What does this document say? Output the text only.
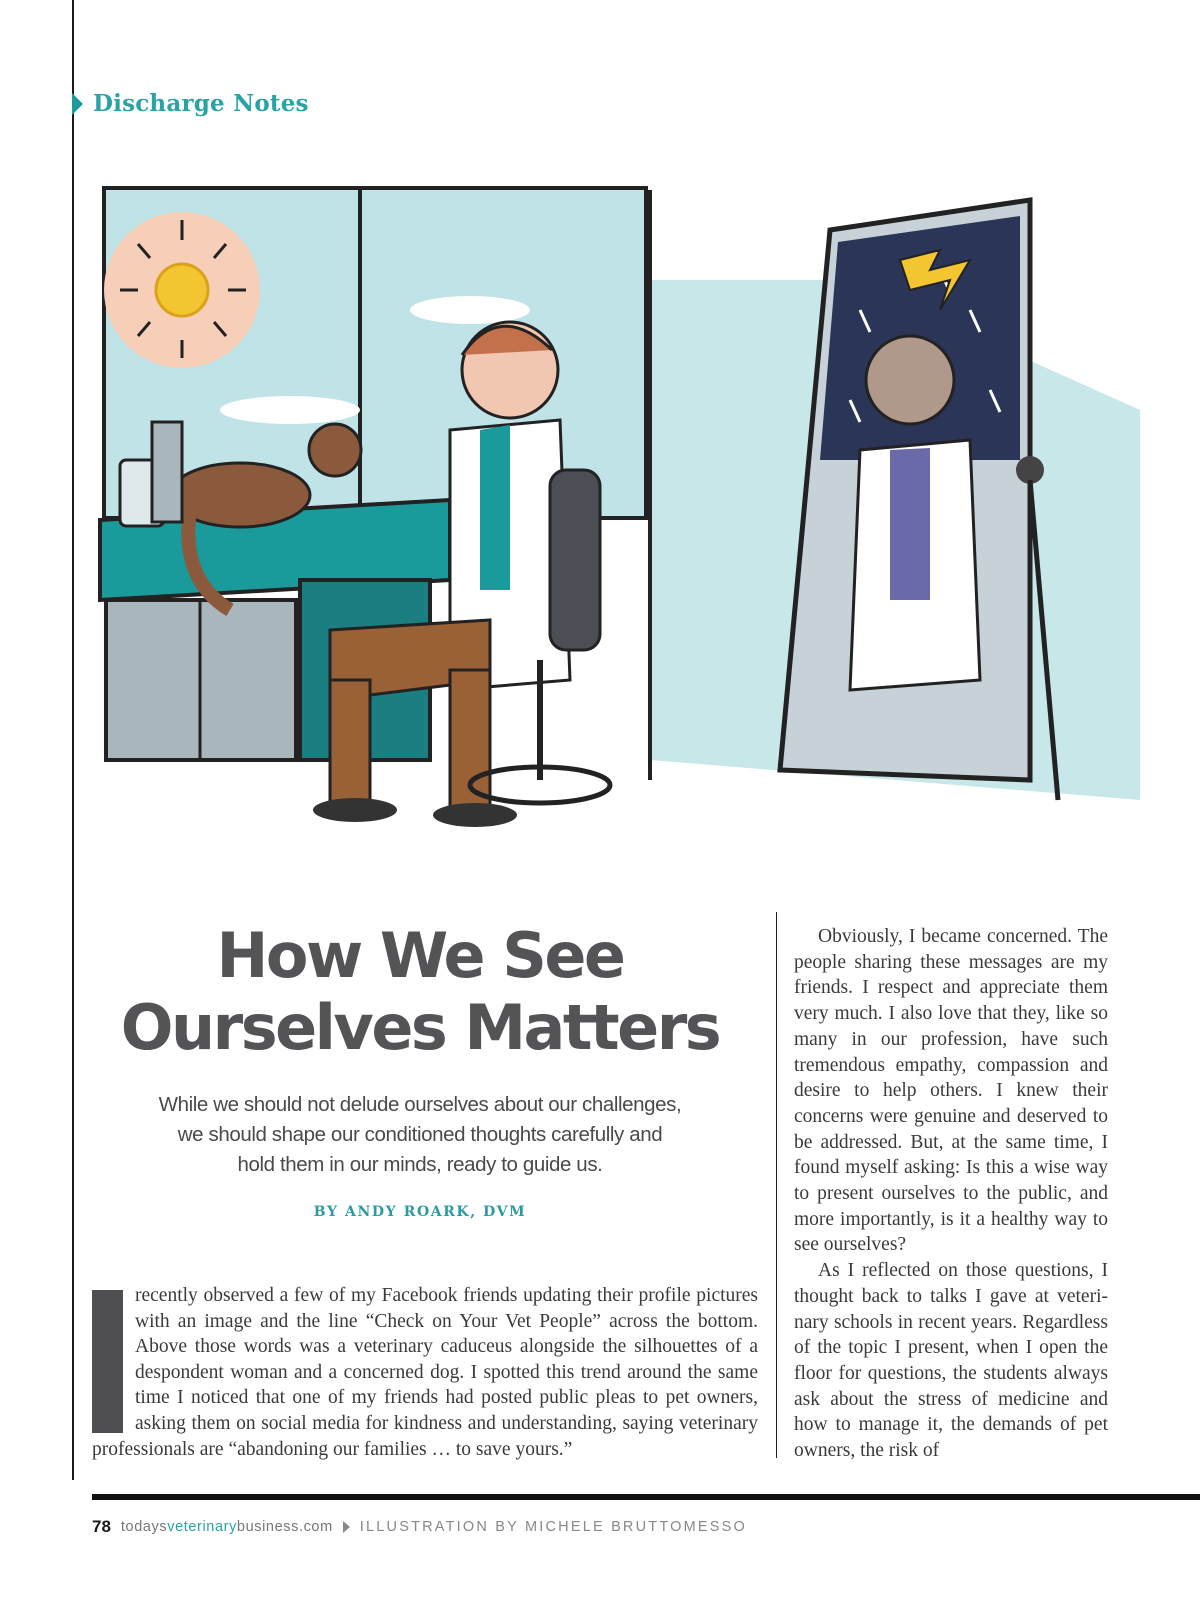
Discharge Notes
How We See
Ourselves Matters
While we should not delude ourselves about our challenges,
we should shape our conditioned thoughts carefully and
hold them in our minds, ready to guide us.
BY ANDY ROARK, DVM
recently observed a few of my Facebook friends updating their profile pictures with an image and the line “Check on Your Vet People” across the bottom. Above those words was a veterinary caduceus alongside the silhouettes of a despondent woman and a concerned dog. I spotted this trend around the same time I noticed that one of my friends had posted public pleas to pet owners, asking them on social media for kindness and understanding, saying veterinary professionals are “abandoning our families … to save yours.”

Obviously, I became concerned. The people sharing these messages are my friends. I respect and appreciate them very much. I also love that they, like so many in our profession, have such tremendous empathy, compassion and desire to help others. I knew their concerns were genuine and deserved to be addressed. But, at the same time, I found myself asking: Is this a wise way to present ourselves to the public, and more importantly, is it a healthy way to see ourselves?

As I reflected on those questions, I thought back to talks I gave at veterinary schools in recent years. Regardless of the topic I present, when I open the floor for questions, the students always ask about the stress of medicine and how to manage it, the demands of pet owners, the risk of

78 todaysveterinarybusiness.com ILLUSTRATION BY MICHELE BRUTTOMESSO
